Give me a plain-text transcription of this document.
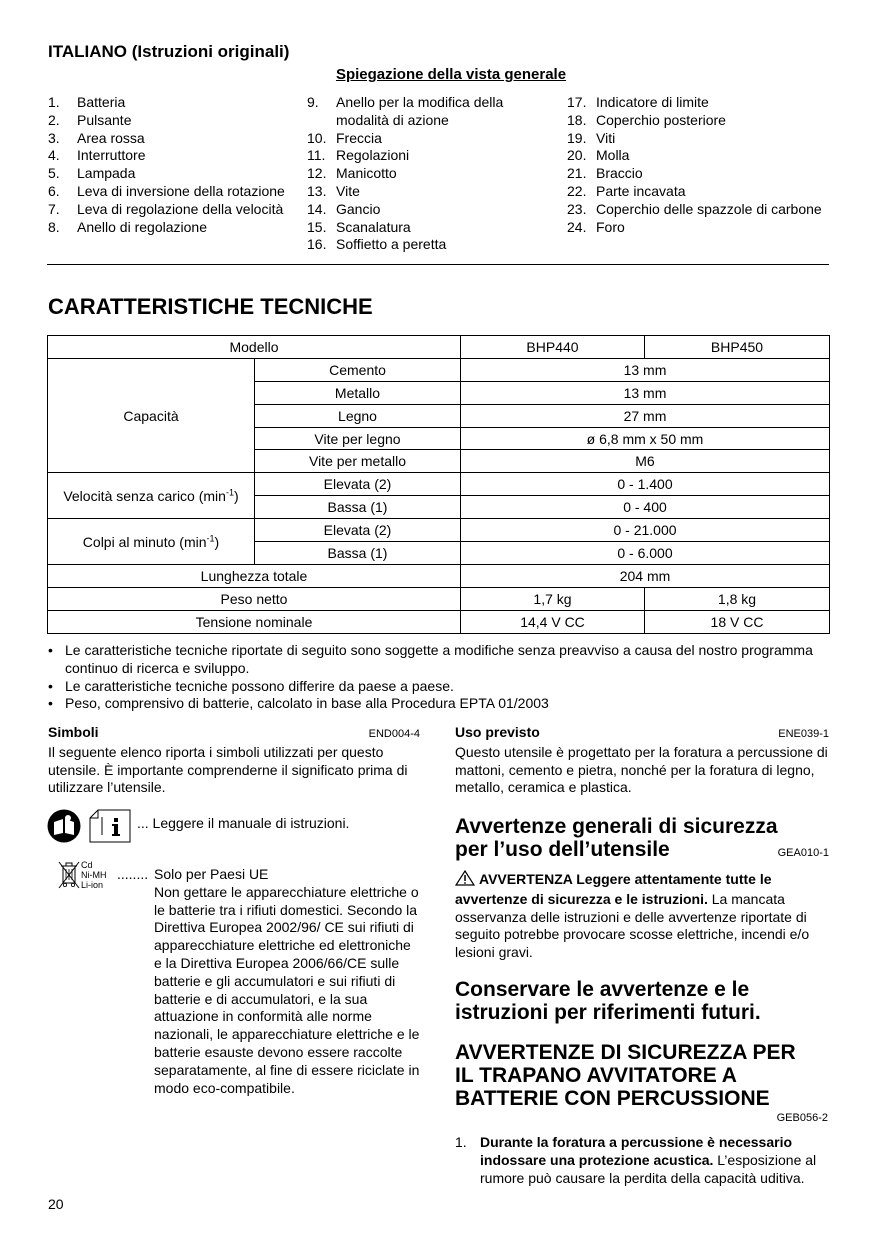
ITALIANO (Istruzioni originali)
Spiegazione della vista generale
1.	Batteria
2.	Pulsante
3.	Area rossa
4.	Interruttore
5.	Lampada
6.	Leva di inversione della rotazione
7.	Leva di regolazione della velocità
8.	Anello di regolazione
9.	Anello per la modifica della modalità di azione
10. Freccia
11. Regolazioni
12. Manicotto
13. Vite
14. Gancio
15. Scanalatura
16. Soffietto a peretta
17. Indicatore di limite
18. Coperchio posteriore
19. Viti
20. Molla
21. Braccio
22. Parte incavata
23. Coperchio delle spazzole di carbone
24. Foro
CARATTERISTICHE TECNICHE
Modello		BHP440	BHP450
Capacità	Cemento	13 mm	
	Metallo	13 mm	
	Legno	27 mm	
	Vite per legno	ø 6,8 mm x 50 mm	
	Vite per metallo	M6	
Velocità senza carico $(\min^{-1})$	Elevata (2)	0 - 1.400	
	Bassa (1)	0 - 400	
Colpi al minuto $(\min^{-1})$	Elevata (2)	0 - 21.000	
	Bassa (1)	0 - 6.000	
Lunghezza totale		204 mm	
Peso netto		1,7 kg	1,8 kg
Tensione nominale		14,4 V CC	18 V CC
• Le caratteristiche tecniche riportate di seguito sono soggette a modifiche senza preavviso a causa del nostro programma continuo di ricerca e sviluppo.
• Le caratteristiche tecniche possono differire da paese a paese.
• Peso, comprensivo di batterie, calcolato in base alla Procedura EPTA 01/2003
Simboli	END004-4
Il seguente elenco riporta i simboli utilizzati per questo utensile. È importante comprenderne il significato prima di utilizzare l’utensile.
... Leggere il manuale di istruzioni.
Cd
Ni-MH
Li-ion
........ Solo per Paesi UE
Non gettare le apparecchiature elettriche o le batterie tra i rifiuti domestici. Secondo la Direttiva Europea 2002/96/ CE sui rifiuti di apparecchiature elettriche ed elettroniche e la Direttiva Europea 2006/66/CE sulle batterie e gli accumulatori e sui rifiuti di batterie e di accumulatori, e la sua attuazione in conformità alle norme nazionali, le apparecchiature elettriche e le batterie esauste devono essere raccolte separatamente, al fine di essere riciclate in modo eco-compatibile.
Uso previsto	ENE039-1
Questo utensile è progettato per la foratura a percussione di mattoni, cemento e pietra, nonché per la foratura di legno, metallo, ceramica e plastica.
Avvertenze generali di sicurezza
per l’uso dell’utensile	GEA010-1
AVVERTENZA Leggere attentamente tutte le avvertenze di sicurezza e le istruzioni. La mancata osservanza delle istruzioni e delle avvertenze riportate di seguito potrebbe provocare scosse elettriche, incendi e/o lesioni gravi.
Conservare le avvertenze e le
istruzioni per riferimenti futuri.
AVVERTENZE DI SICUREZZA PER
IL TRAPANO AVVITATORE A
BATTERIE CON PERCUSSIONE
GEB056-2
1. Durante la foratura a percussione è necessario indossare una protezione acustica. L’esposizione al rumore può causare la perdita della capacità uditiva.
20
